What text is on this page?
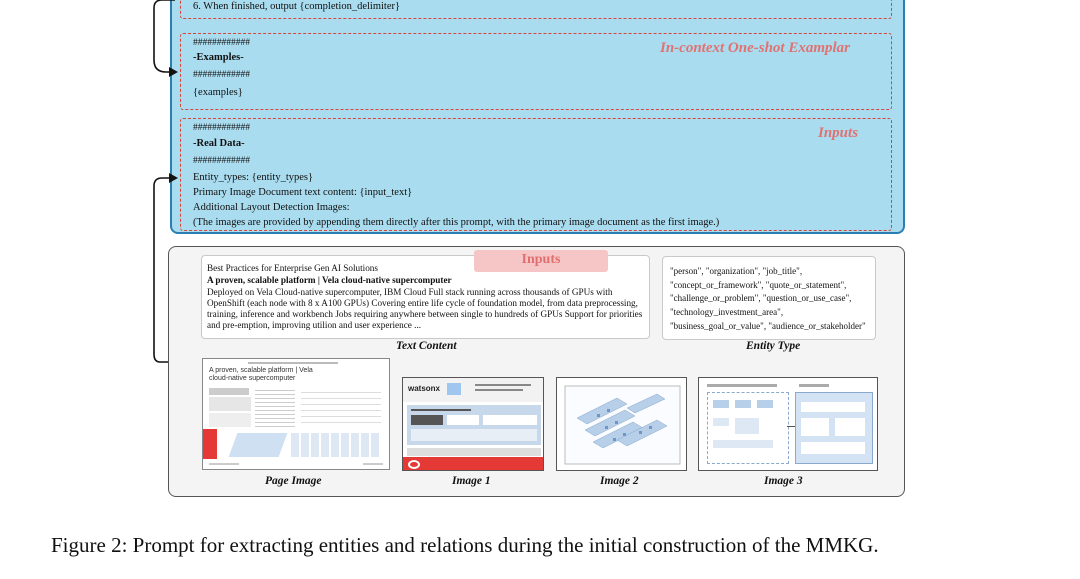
6. When finished, output {completion_delimiter}
In-context One-shot Examplar
############
-Examples-
############
{examples}
Inputs
############
-Real Data-
############
Entity_types: {entity_types}
Primary Image Document text content: {input_text}
Additional Layout Detection Images:
(The images are provided by appending them directly after this prompt, with the primary image document as the first image.)
Inputs
Best Practices for Enterprise Gen AI Solutions
A proven, scalable platform | Vela cloud-native supercomputer
Deployed on Vela Cloud-native supercomputer, IBM Cloud Full stack running across thousands of GPUs with
OpenShift (each node with 8 x A100 GPUs) Covering entire life cycle of foundation model, from data preprocessing,
training, inference and workbench Jobs requiring anywhere between single to hundreds of GPUs Support for priorities
and pre-emption, improving utilion and user experience ...
Text Content
"person", "organization", "job_title",
"concept_or_framework", "quote_or_statement",
"challenge_or_problem", "question_or_use_case",
"technology_investment_area",
"business_goal_or_value", "audience_or_stakeholder"
Entity Type
A proven, scalable platform | Vela cloud-native supercomputer
Page Image
watsonx
Image 1	Image 2	Image 3
Figure 2: Prompt for extracting entities and relations during the initial construction of the MMKG.
